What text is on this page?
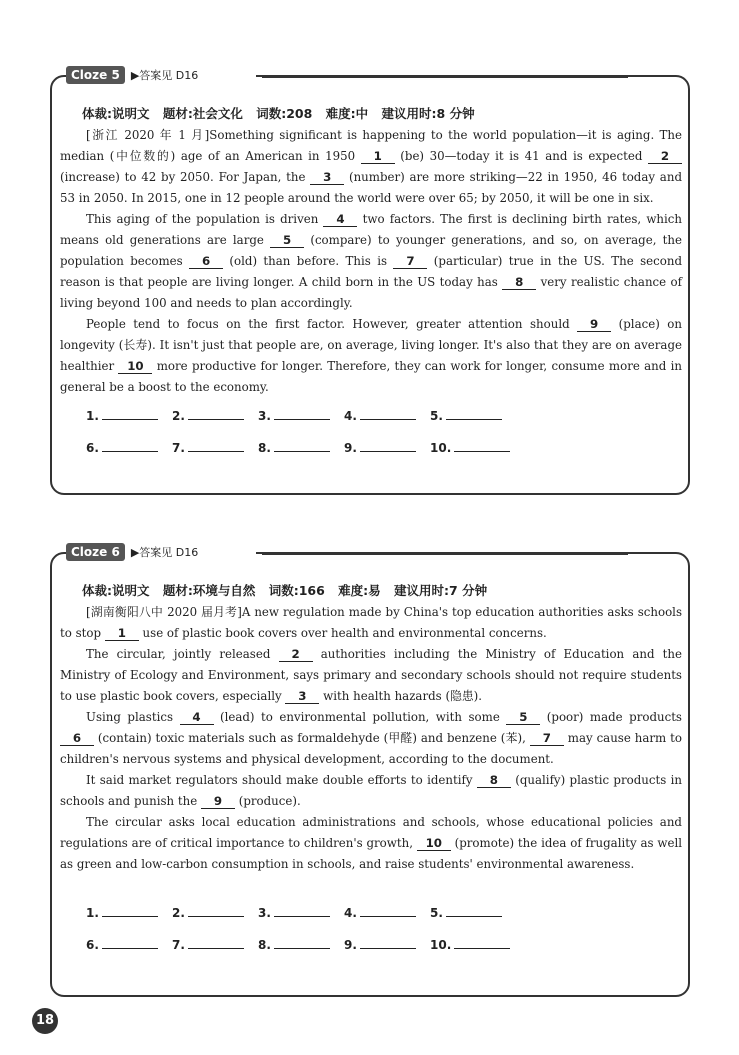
Cloze 5	▶答案见 D16
体裁:说明文 题材:社会文化 词数:208 难度:中 建议用时:8 分钟

[浙江 2020 年 1 月]Something significant is happening to the world population—it is aging. The median (中位数的) age of an American in 1950 1 (be) 30—today it is 41 and is expected 2 (increase) to 42 by 2050. For Japan, the 3 (number) are more striking—22 in 1950, 46 today and 53 in 2050. In 2015, one in 12 people around the world were over 65; by 2050, it will be one in six.

This aging of the population is driven 4 two factors. The first is declining birth rates, which means old generations are large 5 (compare) to younger generations, and so, on average, the population becomes 6 (old) than before. This is 7 (particular) true in the US. The second reason is that people are living longer. A child born in the US today has 8 very realistic chance of living beyond 100 and needs to plan accordingly.

People tend to focus on the first factor. However, greater attention should 9 (place) on longevity (长寿). It isn't just that people are, on average, living longer. It's also that they are on average healthier 10 more productive for longer. Therefore, they can work for longer, consume more and in general be a boost to the economy.

1.	2.	3.	4.	5.
6.	7.	8.	9.	10.
Cloze 6	▶答案见 D16
体裁:说明文 题材:环境与自然 词数:166 难度:易 建议用时:7 分钟

[湖南衡阳八中 2020 届月考]A new regulation made by China's top education authorities asks schools to stop 1 use of plastic book covers over health and environmental concerns.

The circular, jointly released 2 authorities including the Ministry of Education and the Ministry of Ecology and Environment, says primary and secondary schools should not require students to use plastic book covers, especially 3 with health hazards (隐患).

Using plastics 4 (lead) to environmental pollution, with some 5 (poor) made products 6 (contain) toxic materials such as formaldehyde (甲醛) and benzene (苯), 7 may cause harm to children's nervous systems and physical development, according to the document.

It said market regulators should make double efforts to identify 8 (qualify) plastic products in schools and punish the 9 (produce).

The circular asks local education administrations and schools, whose educational policies and regulations are of critical importance to children's growth, 10 (promote) the idea of frugality as well as green and low-carbon consumption in schools, and raise students' environmental awareness.

1.	2.	3.	4.	5.
6.	7.	8.	9.	10.
18
